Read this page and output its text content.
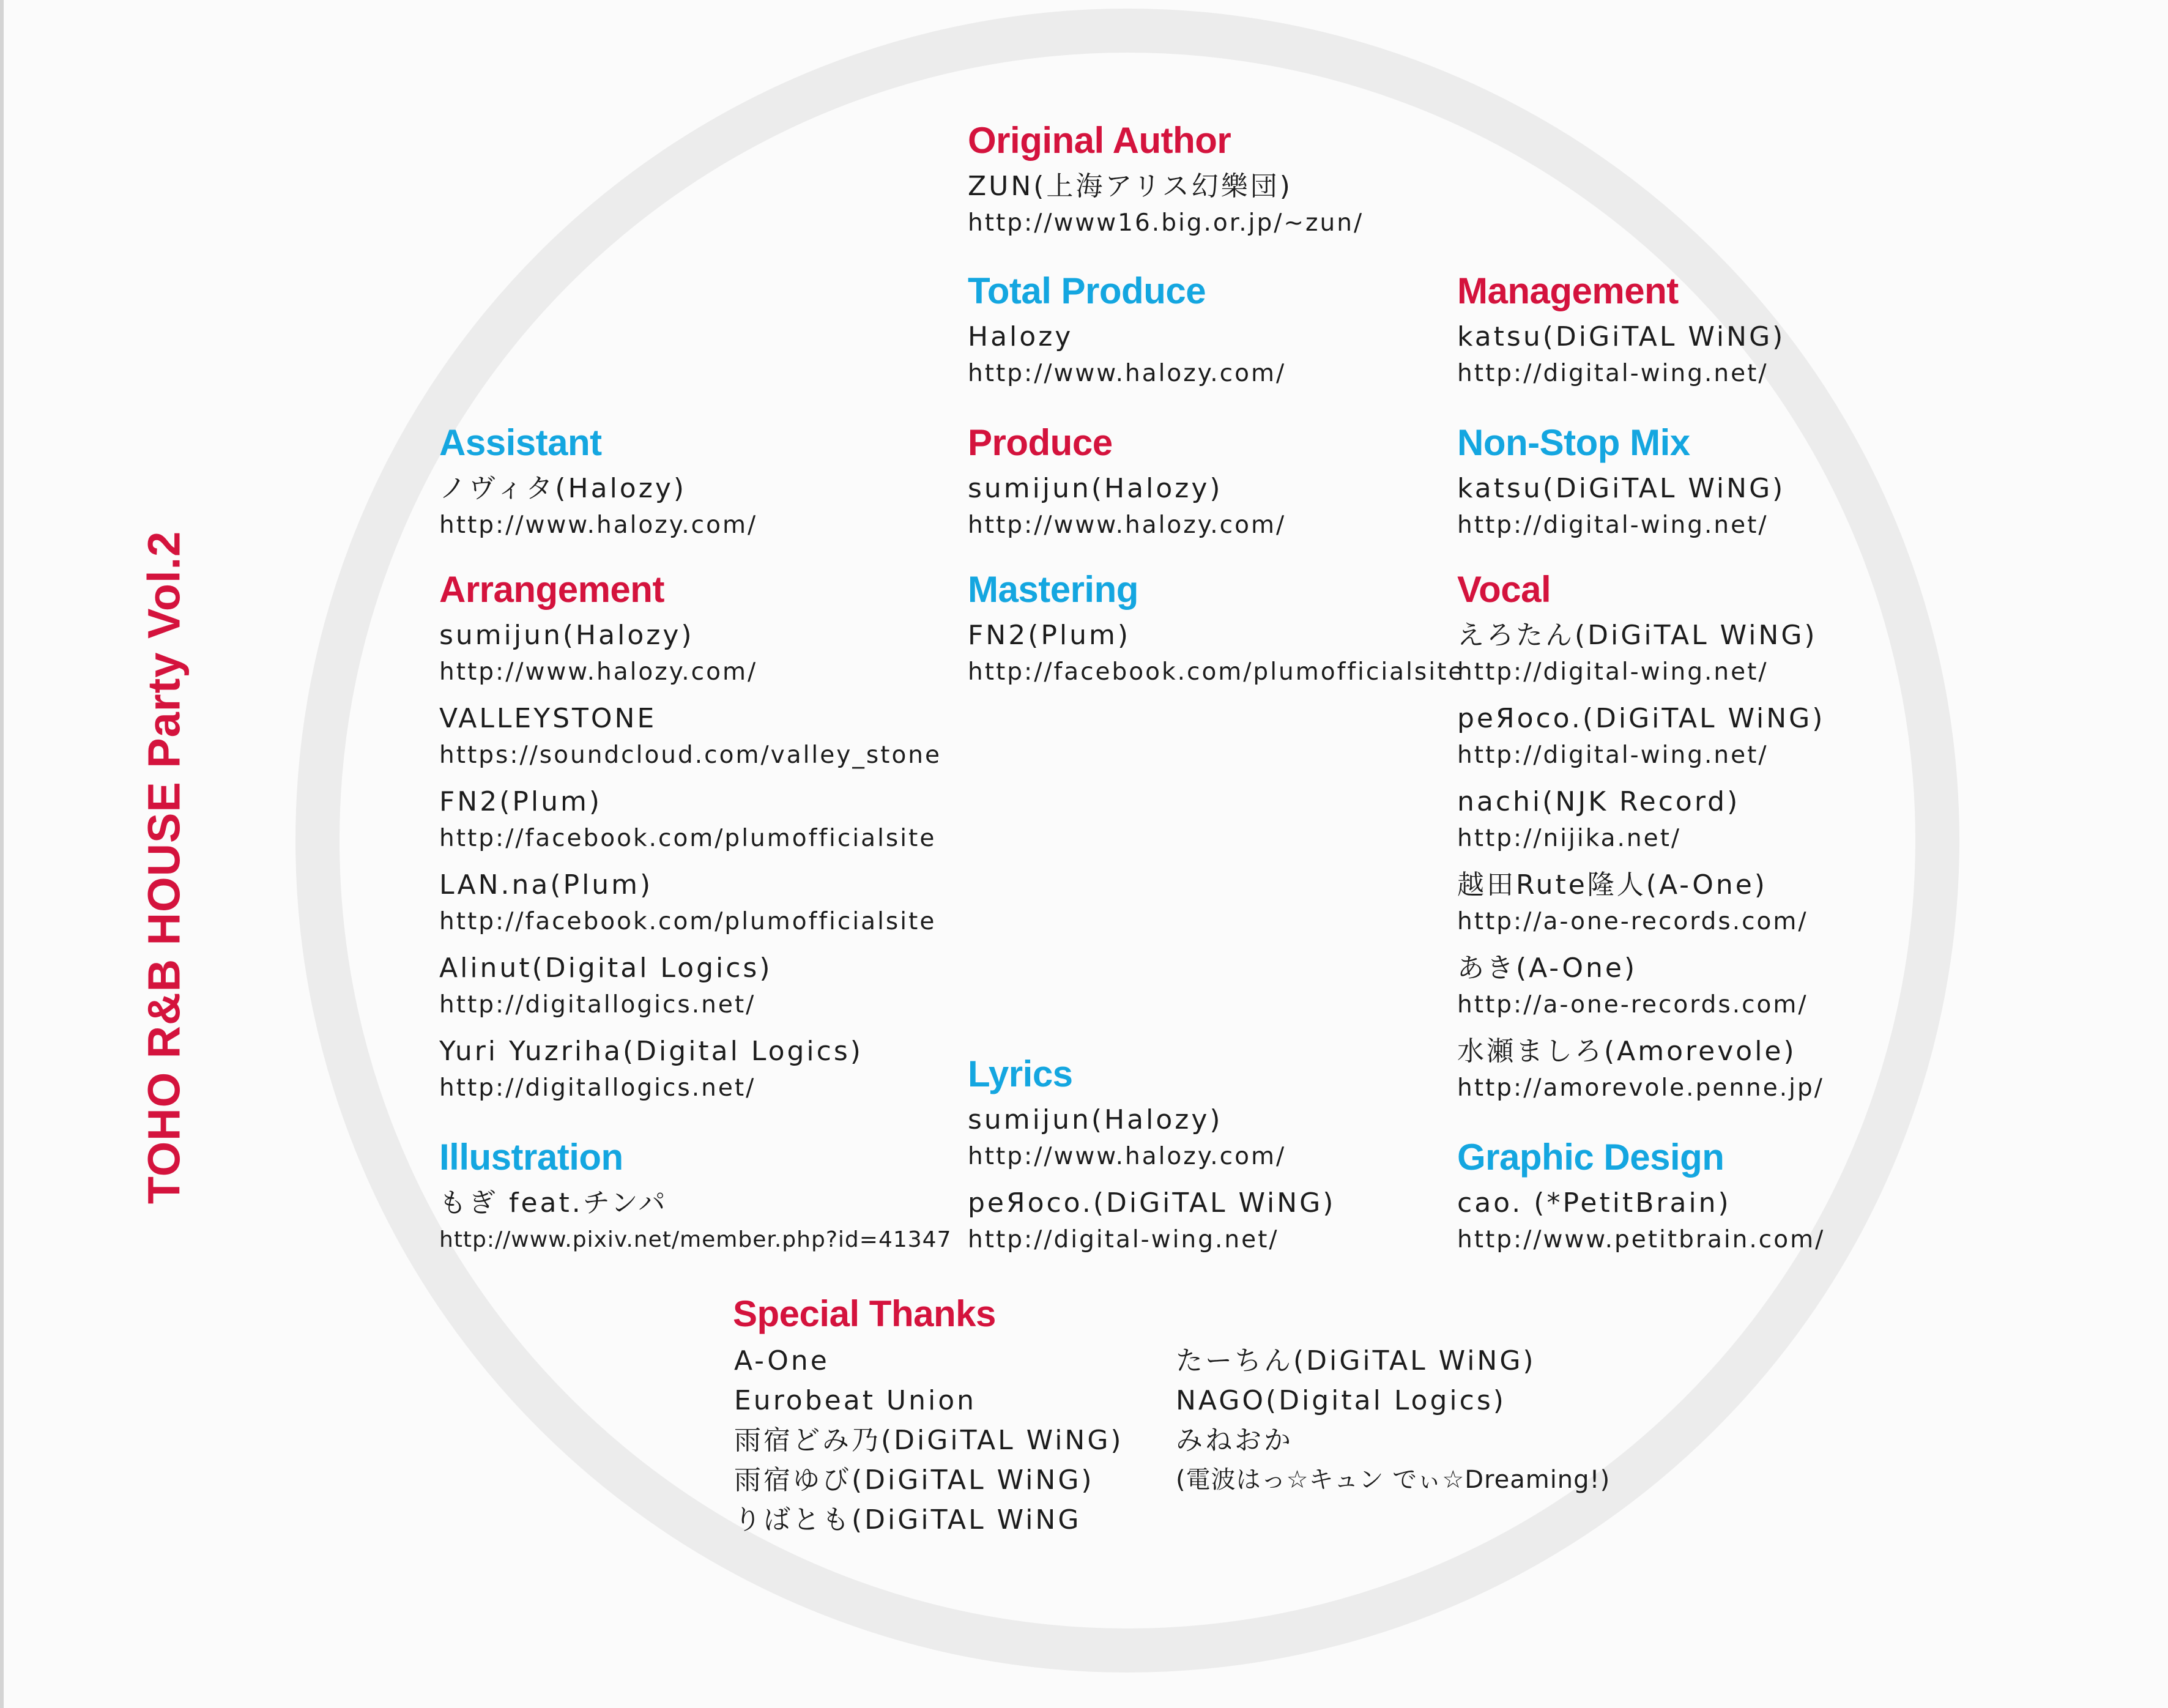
TOHO R&B HOUSE Party Vol.2
Original Author
ZUN(上海アリス幻樂団)
http://www16.big.or.jp/~zun/
Total Produce
Halozy
http://www.halozy.com/
Management
katsu(DiGiTAL WiNG)
http://digital-wing.net/
Assistant
ノヴィタ(Halozy)
http://www.halozy.com/
Produce
sumijun(Halozy)
http://www.halozy.com/
Non-Stop Mix
katsu(DiGiTAL WiNG)
http://digital-wing.net/
Arrangement
sumijun(Halozy)
http://www.halozy.com/
VALLEYSTONE
https://soundcloud.com/valley_stone
FN2(Plum)
http://facebook.com/plumofficialsite
LAN.na(Plum)
http://facebook.com/plumofficialsite
Alinut(Digital Logics)
http://digitallogics.net/
Yuri Yuzriha(Digital Logics)
http://digitallogics.net/
Mastering
FN2(Plum)
http://facebook.com/plumofficialsite
Vocal
えろたん(DiGiTAL WiNG)
http://digital-wing.net/
peЯoco.(DiGiTAL WiNG)
http://digital-wing.net/
nachi(NJK Record)
http://nijika.net/
越田Rute隆人(A-One)
http://a-one-records.com/
あき(A-One)
http://a-one-records.com/
水瀬ましろ(Amorevole)
http://amorevole.penne.jp/
Lyrics
sumijun(Halozy)
http://www.halozy.com/
peЯoco.(DiGiTAL WiNG)
http://digital-wing.net/
Illustration
もぎ feat.チンパ
http://www.pixiv.net/member.php?id=41347
Graphic Design
cao. (*PetitBrain)
http://www.petitbrain.com/
Special Thanks
A-One
Eurobeat Union
雨宿どみ乃(DiGiTAL WiNG)
雨宿ゆび(DiGiTAL WiNG)
りばとも(DiGiTAL WiNG
たーちん(DiGiTAL WiNG)
NAGO(Digital Logics)
みねおか
(電波はっ☆キュン でぃ☆Dreaming!)
